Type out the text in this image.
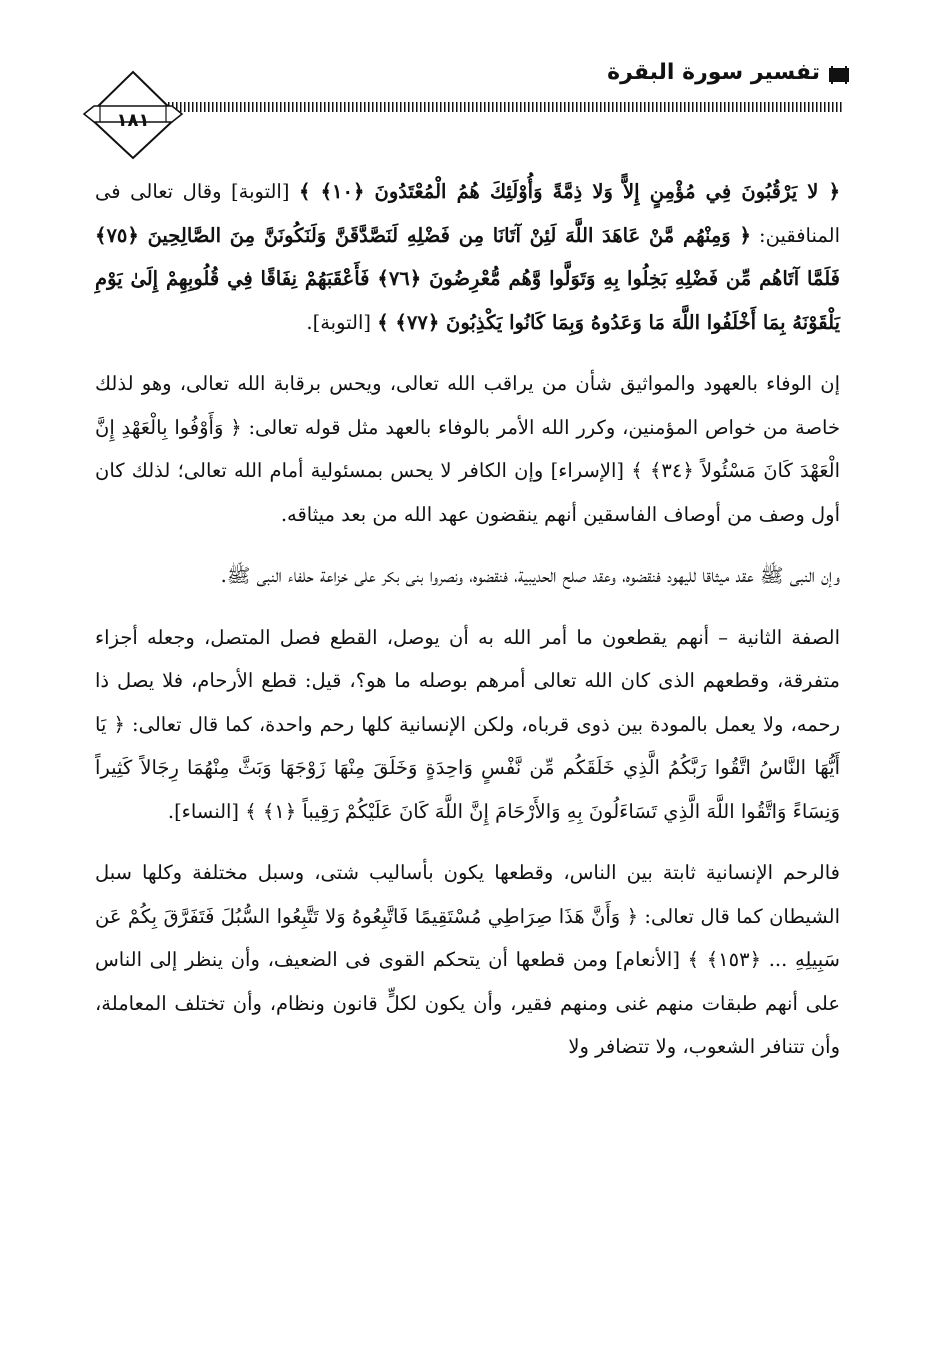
تفسير سورة البقرة
١٨١

﴿ لا يَرْقُبُونَ فِي مُؤْمِنٍ إِلاًّ وَلا ذِمَّةً وَأُوْلَئِكَ هُمُ الْمُعْتَدُونَ ﴿١٠﴾ ﴾ [التوبة] وقال تعالى فى المنافقين: ﴿ وَمِنْهُم مَّنْ عَاهَدَ اللَّهَ لَئِنْ آتَانَا مِن فَضْلِهِ لَنَصَّدَّقَنَّ وَلَنَكُونَنَّ مِنَ الصَّالِحِينَ ﴿٧٥﴾ فَلَمَّا آتَاهُم مِّن فَضْلِهِ بَخِلُوا بِهِ وَتَوَلَّوا وَّهُم مُّعْرِضُونَ ﴿٧٦﴾ فَأَعْقَبَهُمْ نِفَاقًا فِي قُلُوبِهِمْ إِلَىٰ يَوْمِ يَلْقَوْنَهُ بِمَا أَخْلَفُوا اللَّهَ مَا وَعَدُوهُ وَبِمَا كَانُوا يَكْذِبُونَ ﴿٧٧﴾ ﴾ [التوبة].

إن الوفاء بالعهود والمواثيق شأن من يراقب الله تعالى، ويحس برقابة الله تعالى، وهو لذلك خاصة من خواص المؤمنين، وكرر الله الأمر بالوفاء بالعهد مثل قوله تعالى: ﴿ وَأَوْفُوا بِالْعَهْدِ إِنَّ الْعَهْدَ كَانَ مَسْئُولاً ﴿٣٤﴾ ﴾ [الإسراء] وإن الكافر لا يحس بمسئولية أمام الله تعالى؛ لذلك كان أول وصف من أوصاف الفاسقين أنهم ينقضون عهد الله من بعد ميثاقه.

وإن النبى ﷺ عقد ميثاقا لليهود فنقضوه، وعقد صلح الحديبية، فنقضوه، ونصروا بنى بكر على خزاعة حلفاء النبى ﷺ.

الصفة الثانية – أنهم يقطعون ما أمر الله به أن يوصل، القطع فصل المتصل، وجعله أجزاء متفرقة، وقطعهم الذى كان الله تعالى أمرهم بوصله ما هو؟، قيل: قطع الأرحام، فلا يصل ذا رحمه، ولا يعمل بالمودة بين ذوى قرباه، ولكن الإنسانية كلها رحم واحدة، كما قال تعالى: ﴿ يَا أَيُّهَا النَّاسُ اتَّقُوا رَبَّكُمُ الَّذِي خَلَقَكُم مِّن نَّفْسٍ وَاحِدَةٍ وَخَلَقَ مِنْهَا زَوْجَهَا وَبَثَّ مِنْهُمَا رِجَالاً كَثِيراً وَنِسَاءً وَاتَّقُوا اللَّهَ الَّذِي تَسَاءَلُونَ بِهِ وَالأَرْحَامَ إِنَّ اللَّهَ كَانَ عَلَيْكُمْ رَقِيباً ﴿١﴾ ﴾ [النساء].

فالرحم الإنسانية ثابتة بين الناس، وقطعها يكون بأساليب شتى، وسبل مختلفة وكلها سبل الشيطان كما قال تعالى: ﴿ وَأَنَّ هَذَا صِرَاطِي مُسْتَقِيمًا فَاتَّبِعُوهُ وَلا تَتَّبِعُوا السُّبُلَ فَتَفَرَّقَ بِكُمْ عَن سَبِيلِهِ ... ﴿١٥٣﴾ ﴾ [الأنعام] ومن قطعها أن يتحكم القوى فى الضعيف، وأن ينظر إلى الناس على أنهم طبقات منهم غنى ومنهم فقير، وأن يكون لكلٍّ قانون ونظام، وأن تختلف المعاملة، وأن تتنافر الشعوب، ولا تتضافر ولا
